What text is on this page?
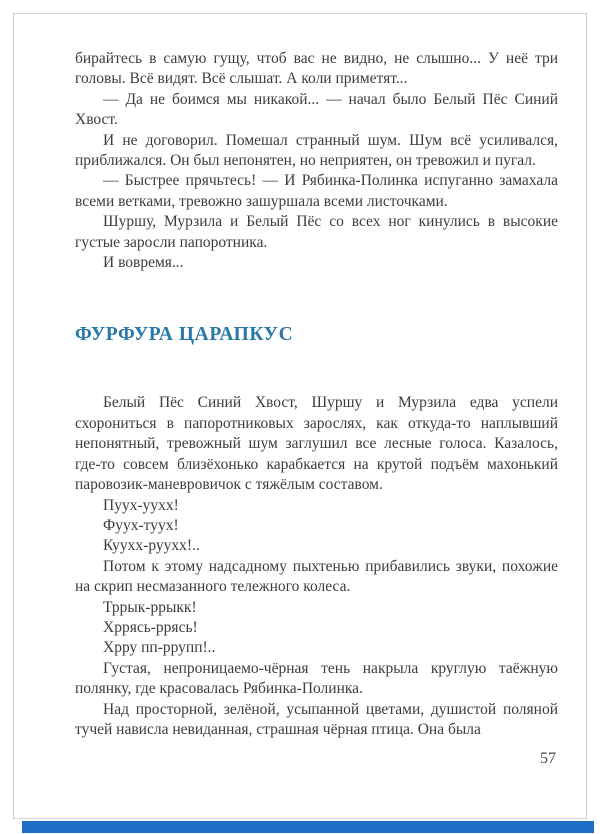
бирайтесь в самую гущу, чтоб вас не видно, не слышно... У неё три головы. Всё видят. Всё слышат. А коли приметят...

— Да не боимся мы никакой... — начал было Белый Пёс Синий Хвост.

И не договорил. Помешал странный шум. Шум всё усиливался, приближался. Он был непонятен, но неприятен, он тревожил и пугал.

— Быстрее прячьтесь! — И Рябинка-Полинка испуганно замахала всеми ветками, тревожно зашуршала всеми листочками.

Шуршу, Мурзила и Белый Пёс со всех ног кинулись в высокие густые заросли папоротника.

И вовремя...

ФУРФУРА ЦАРАПКУС

Белый Пёс Синий Хвост, Шуршу и Мурзила едва успели схорониться в папоротниковых зарослях, как откуда-то наплывший непонятный, тревожный шум заглушил все лесные голоса. Казалось, где-то совсем близёхонько карабкается на крутой подъём махонький паровозик-маневровичок с тяжёлым составом.

Пуух-уухх!

Фуух-туух!

Куухх-руухх!..

Потом к этому надсадному пыхтенью прибавились звуки, похожие на скрип несмазанного тележного колеса.

Тррык-ррыкк!

Хррясь-ррясь!

Хрру пп-ррупп!..

Густая, непроницаемо-чёрная тень накрыла круглую таёжную полянку, где красовалась Рябинка-Полинка.

Над просторной, зелёной, усыпанной цветами, душистой поляной тучей нависла невиданная, страшная чёрная птица. Она была

57
